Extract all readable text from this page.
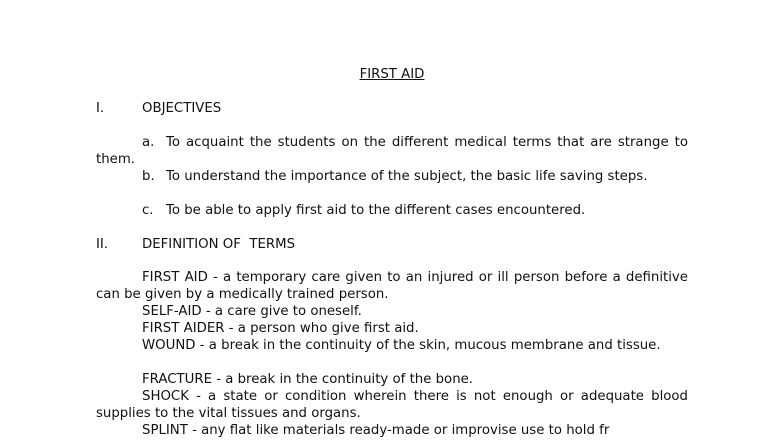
FIRST AID
I.	OBJECTIVES

a. To acquaint the students on the different medical terms that are strange to them.

b. To understand the importance of the subject, the basic life saving steps.
c. To be able to apply first aid to the different cases encountered.
II.	DEFINITION OF  TERMS

FIRST AID - a temporary care given to an injured or ill person before a definitive can be given by a medically trained person.

SELF-AID - a care give to oneself.

FIRST AIDER - a person who give first aid.

WOUND - a break in the continuity of the skin, mucous membrane and tissue.

FRACTURE - a break in the continuity of the bone.

SHOCK - a state or condition wherein there is not enough or adequate blood supplies to the vital tissues and organs.

SPLINT - any flat like materials ready-made or improvise use to hold fr
